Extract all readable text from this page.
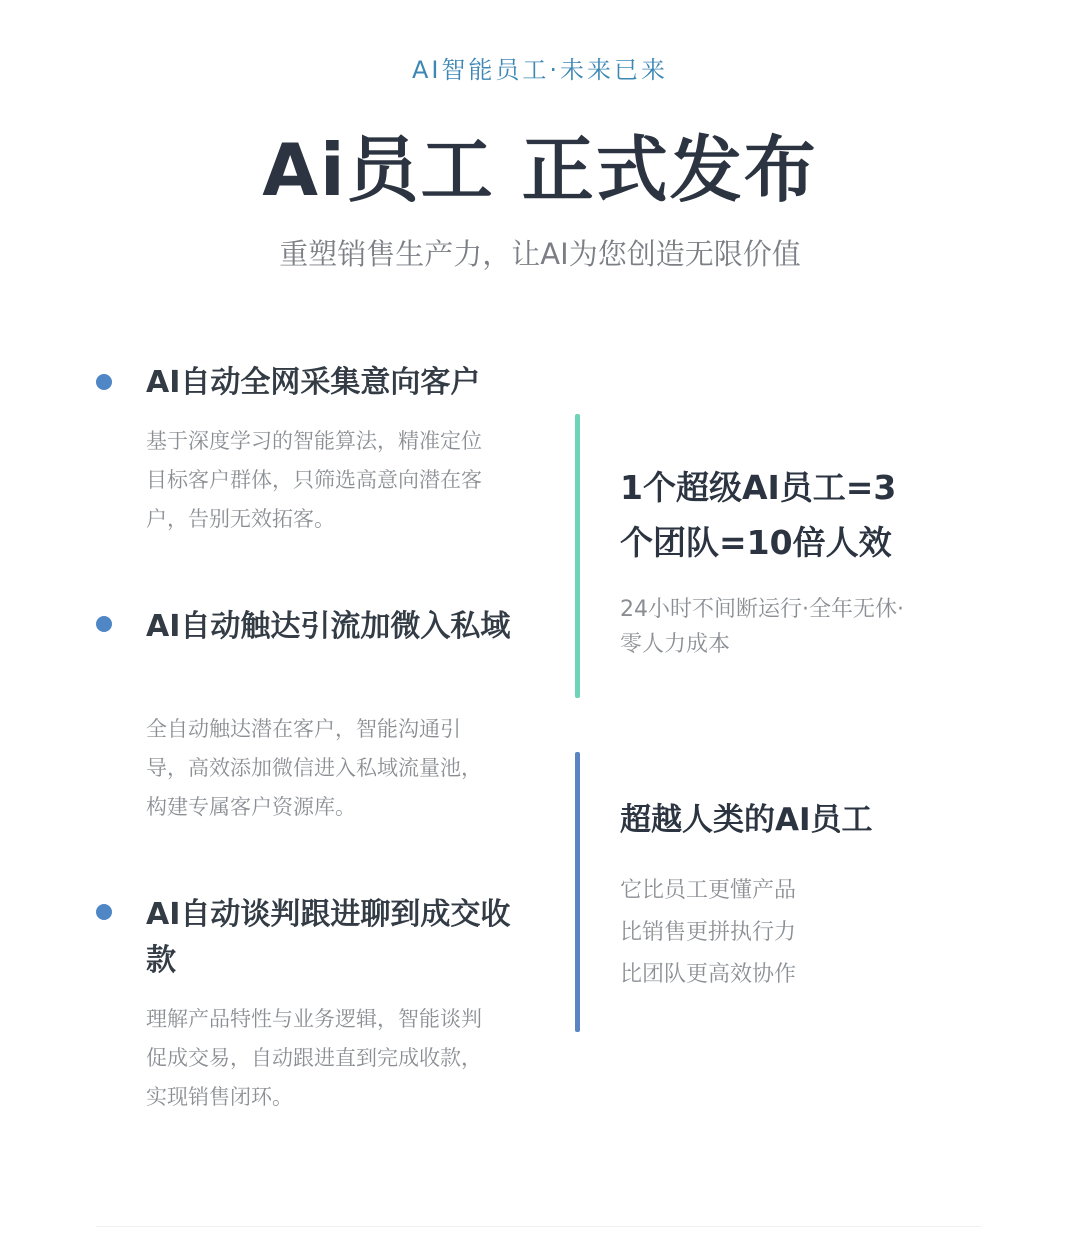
AI智能员工·未来已来
Ai员工 正式发布
重塑销售生产力，让AI为您创造无限价值
AI自动全网采集意向客户
基于深度学习的智能算法，精准定位目标客户群体，只筛选高意向潜在客户，告别无效拓客。
AI自动触达引流加微入私域
全自动触达潜在客户，智能沟通引导，高效添加微信进入私域流量池，构建专属客户资源库。
AI自动谈判跟进聊到成交收款
理解产品特性与业务逻辑，智能谈判促成交易，自动跟进直到完成收款，实现销售闭环。
1个超级AI员工=3
个团队=10倍人效
24小时不间断运行·全年无休·
零人力成本
超越人类的AI员工
它比员工更懂产品
比销售更拼执行力
比团队更高效协作
